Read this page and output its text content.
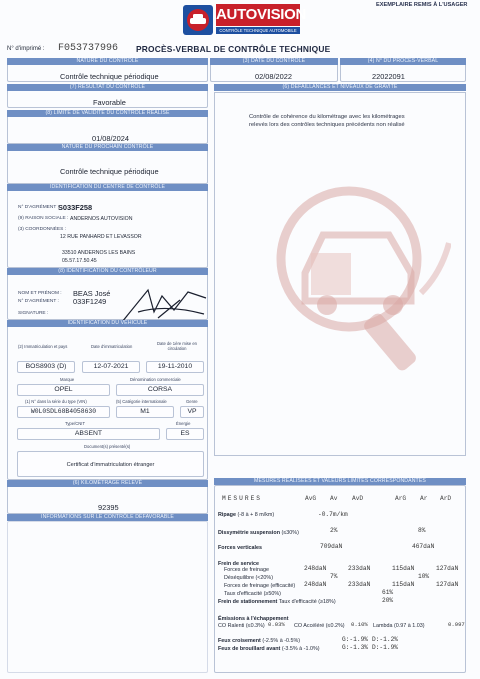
AUTOVISION
CONTRÔLE TECHNIQUE AUTOMOBILE
EXEMPLAIRE REMIS À L'USAGER
N° d'imprimé : F053737996 PROCÈS-VERBAL DE CONTRÔLE TECHNIQUE
NATURE DU CONTRÔLE
Contrôle technique périodique
(3) DATE DU CONTRÔLE
02/08/2022
(4) N° DU PROCÈS-VERBAL
22022091
(7) RÉSULTAT DU CONTRÔLE
Favorable
(8) LIMITE DE VALIDITÉ DU CONTRÔLE RÉALISÉ
01/08/2024
NATURE DU PROCHAIN CONTRÔLE
Contrôle technique périodique
(6) DÉFAILLANCES ET NIVEAUX DE GRAVITÉ
Contrôle de cohérence du kilométrage avec les kilométrages
relevés lors des contrôles techniques précédents non réalisé
IDENTIFICATION DU CENTRE DE CONTRÔLE
N° D'AGRÉMENT : S033F258
(9) RAISON SOCIALE : ANDERNOS AUTOVISION
(3) COORDONNÉES :
12 RUE PANHARD ET LEVASSOR
33510 ANDERNOS LES BAINS
05.57.17.50.45
(8) IDENTIFICATION DU CONTRÔLEUR
NOM ET PRÉNOM : BEAS José
N° D'AGRÉMENT : 033F1249
SIGNATURE :
IDENTIFICATION DU VÉHICULE
(2) Immatriculation et pays
BOS8903 (D)
Date d'immatriculation
12-07-2021
Date de 1ère mise en circulation
19-11-2010
Marque
OPEL
Dénomination commerciale
CORSA
(1) N° dans la série du type (VIN)
W0L0SDL68B4058630
(5) Catégorie internationale
M1
Genre
VP
Type/CNIT
ABSENT
Énergie
ES
Document(s) présenté(s)
Certificat d'immatriculation étranger
(6) KILOMÈTRAGE RELEVÉ
92395
INFORMATIONS SUR LE CONTRÔLE DÉFAVORABLE
MESURES RÉALISÉES ET VALEURS LIMITES CORRESPONDANTES
MESURES	AvG Av AvD	ArG Ar ArD
Ripage (-8 à + 8 m/km)	-0.7m/km
Dissymétrie suspension (≤30%)	2%	8%
Forces verticales	709daN	467daN
Frein de service
Forces de freinage	248daN	233daN	115daN	127daN
Déséquilibre (<20%)	7%	10%
Forces de freinage (efficacité) 248daN	233daN	115daN	127daN
Taux d'efficacité (≥50%)	61%
Frein de stationnement Taux d'efficacité (≥18%)	20%
Émissions à l'échappement
CO Ralenti (≤0.3%) 0.03% CO Accéléré (≤0.2%) 0.10% Lambda (0.97 à 1.03)	0.997
Feux croisement (-2.5% à -0.5%)	G:-1.9% D:-1.2%
Feux de brouillard avant (-3.5% à -1.0%)	G:-1.3% D:-1.9%
